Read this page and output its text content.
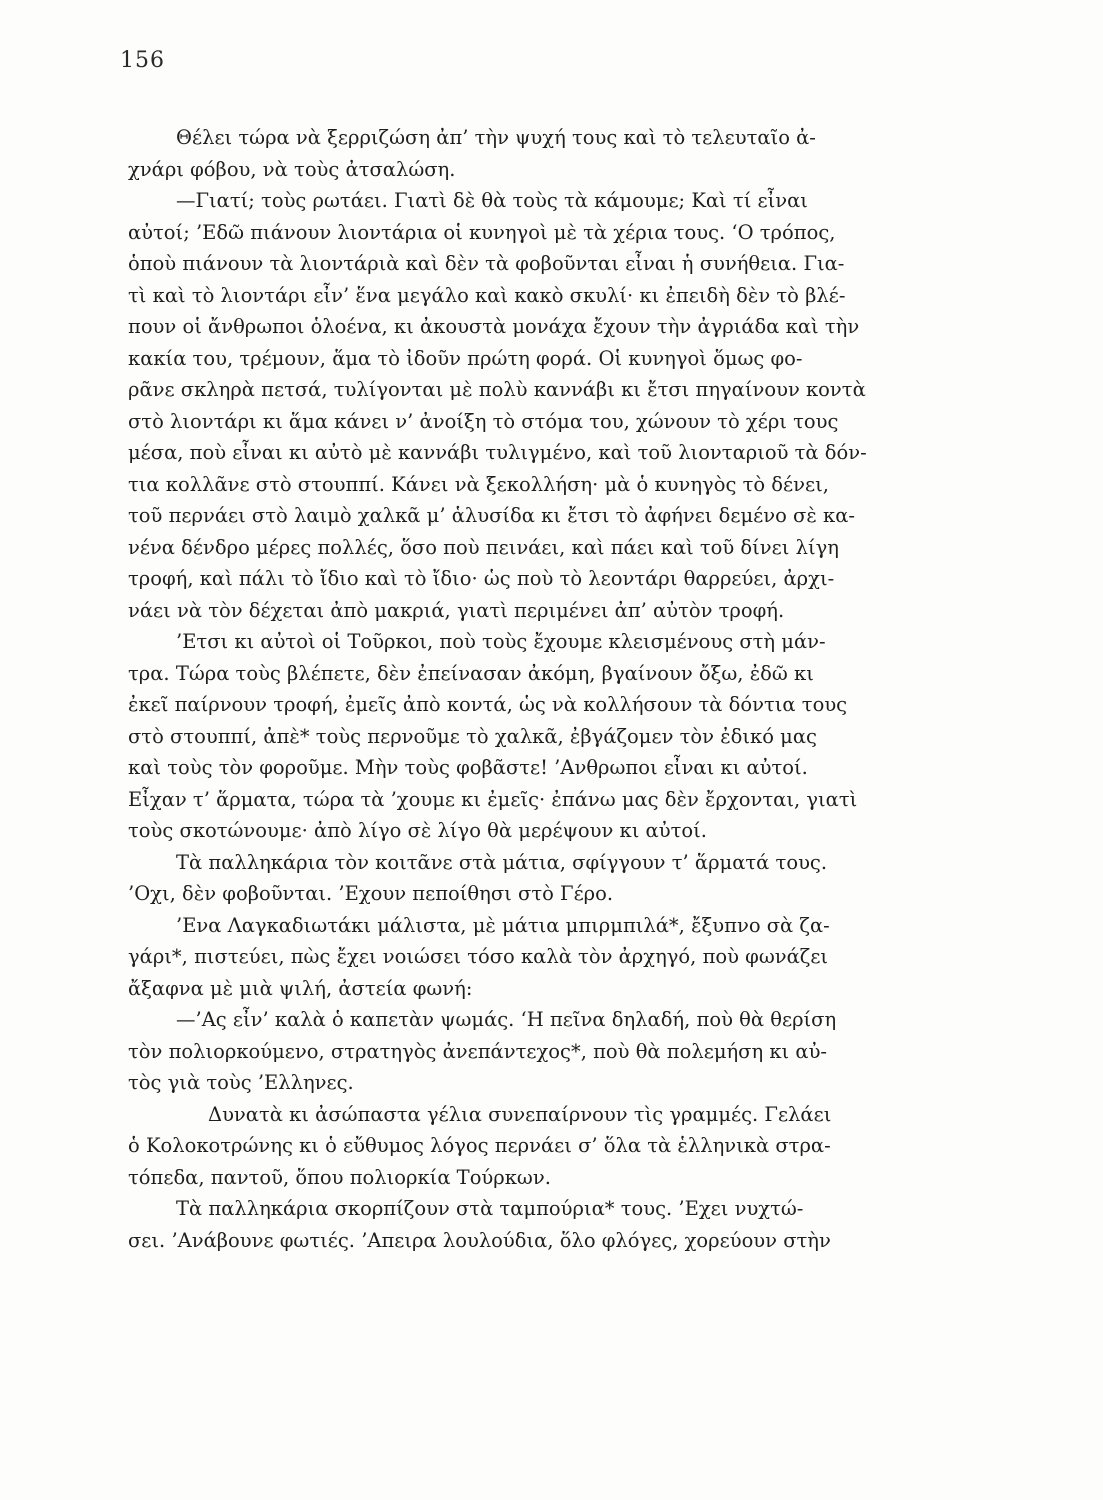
156
Θέλει τώρα νὰ ξερριζώση ἀπ’ τὴν ψυχή τους καὶ τὸ τελευταῖο ἀ-
χνάρι φόβου, νὰ τοὺς ἀτσαλώση.
—Γιατί; τοὺς ρωτάει. Γιατὶ δὲ θὰ τοὺς τὰ κάμουμε; Καὶ τί εἶναι
αὐτοί; ’Εδῶ πιάνουν λιοντάρια οἱ κυνηγοὶ μὲ τὰ χέρια τους. ‘Ο τρόπος,
ὁποὺ πιάνουν τὰ λιοντάριὰ καὶ δὲν τὰ φοβοῦνται εἶναι ἡ συνήθεια. Για-
τὶ καὶ τὸ λιοντάρι εἶν’ ἕνα μεγάλο καὶ κακὸ σκυλί· κι ἐπειδὴ δὲν τὸ βλέ-
πουν οἱ ἄνθρωποι ὁλοένα, κι ἀκουστὰ μονάχα ἔχουν τὴν ἀγριάδα καὶ τὴν
κακία του, τρέμουν, ἅμα τὸ ἰδοῦν πρώτη φορά. Οἱ κυνηγοὶ ὅμως φο-
ρᾶνε σκληρὰ πετσά, τυλίγονται μὲ πολὺ καννάβι κι ἔτσι πηγαίνουν κοντὰ
στὸ λιοντάρι κι ἅμα κάνει ν’ ἀνοίξη τὸ στόμα του, χώνουν τὸ χέρι τους
μέσα, ποὺ εἶναι κι αὐτὸ μὲ καννάβι τυλιγμένο, καὶ τοῦ λιονταριοῦ τὰ δόν-
τια κολλᾶνε στὸ στουππί. Κάνει νὰ ξεκολλήση· μὰ ὁ κυνηγὸς τὸ δένει,
τοῦ περνάει στὸ λαιμὸ χαλκᾶ μ’ ἁλυσίδα κι ἔτσι τὸ ἀφήνει δεμένο σὲ κα-
νένα δένδρο μέρες πολλές, ὅσο ποὺ πεινάει, καὶ πάει καὶ τοῦ δίνει λίγη
τροφή, καὶ πάλι τὸ ἴδιο καὶ τὸ ἴδιο· ὡς ποὺ τὸ λεοντάρι θαρρεύει, ἀρχι-
νάει νὰ τὸν δέχεται ἀπὸ μακριά, γιατὶ περιμένει ἀπ’ αὐτὸν τροφή.
’Ετσι κι αὐτοὶ οἱ Τοῦρκοι, ποὺ τοὺς ἔχουμε κλεισμένους στὴ μάν-
τρα. Τώρα τοὺς βλέπετε, δὲν ἐπείνασαν ἀκόμη, βγαίνουν ὄξω, ἐδῶ κι
ἐκεῖ παίρνουν τροφή, ἐμεῖς ἀπὸ κοντά, ὡς νὰ κολλήσουν τὰ δόντια τους
στὸ στουππί, ἀπὲ* τοὺς περνοῦμε τὸ χαλκᾶ, ἐβγάζομεν τὸν ἐδικό μας
καὶ τοὺς τὸν φοροῦμε. Μὴν τοὺς φοβᾶστε! ’Ανθρωποι εἶναι κι αὐτοί.
Εἶχαν τ’ ἅρματα, τώρα τὰ ’χουμε κι ἐμεῖς· ἐπάνω μας δὲν ἔρχονται, γιατὶ
τοὺς σκοτώνουμε· ἀπὸ λίγο σὲ λίγο θὰ μερέψουν κι αὐτοί.
Τὰ παλληκάρια τὸν κοιτᾶνε στὰ μάτια, σφίγγουν τ’ ἅρματά τους.
’Οχι, δὲν φοβοῦνται. ’Εχουν πεποίθησι στὸ Γέρο.
’Ενα Λαγκαδιωτάκι μάλιστα, μὲ μάτια μπιρμπιλά*, ἔξυπνο σὰ ζα-
γάρι*, πιστεύει, πὼς ἔχει νοιώσει τόσο καλὰ τὸν ἀρχηγό, ποὺ φωνάζει
ἄξαφνα μὲ μιὰ ψιλή, ἀστεία φωνή:
—’Ας εἶν’ καλὰ ὁ καπετὰν ψωμάς. ‘Η πεῖνα δηλαδή, ποὺ θὰ θερίση
τὸν πολιορκούμενο, στρατηγὸς ἀνεπάντεχος*, ποὺ θὰ πολεμήση κι αὐ-
τὸς γιὰ τοὺς ’Ελληνες.
Δυνατὰ κι ἀσώπαστα γέλια συνεπαίρνουν τὶς γραμμές. Γελάει
ὁ Κολοκοτρώνης κι ὁ εὔθυμος λόγος περνάει σ’ ὅλα τὰ ἑλληνικὰ στρα-
τόπεδα, παντοῦ, ὅπου πολιορκία Τούρκων.
Τὰ παλληκάρια σκορπίζουν στὰ ταμπούρια* τους. ’Εχει νυχτώ-
σει. ’Ανάβουνε φωτιές. ’Απειρα λουλούδια, ὅλο φλόγες, χορεύουν στὴν
